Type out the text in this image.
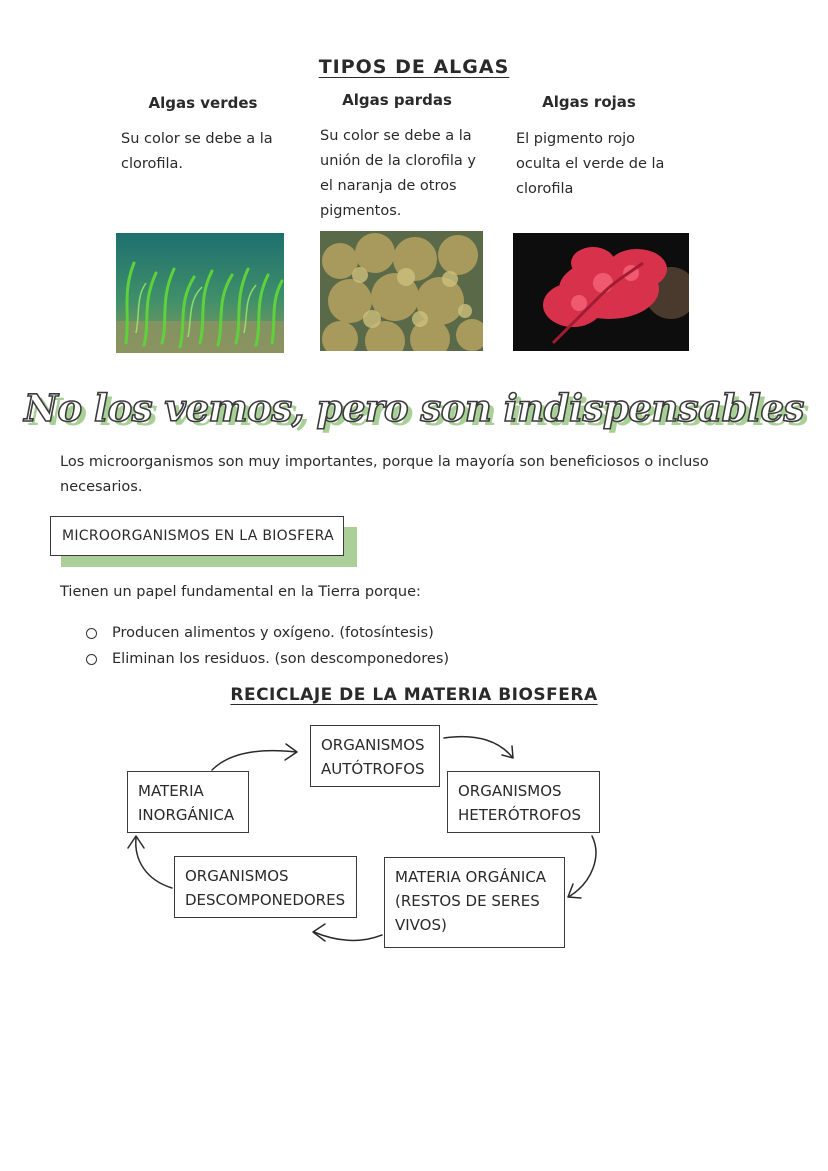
TIPOS DE ALGAS
Algas verdes
Su color se debe a la clorofila.
Algas pardas
Su color se debe a la unión de la clorofila y el naranja de otros pigmentos.
Algas rojas
El pigmento rojo oculta el verde de la clorofila
No los vemos, pero son indispensables
Los microorganismos son muy importantes, porque la mayoría son beneficiosos o incluso necesarios.
MICROORGANISMOS EN LA BIOSFERA
Tienen un papel fundamental en la Tierra porque:
Producen alimentos y oxígeno. (fotosíntesis)
Eliminan los residuos. (son descomponedores)
RECICLAJE DE LA MATERIA BIOSFERA
ORGANISMOS AUTÓTROFOS
ORGANISMOS HETERÓTROFOS
MATERIA ORGÁNICA (RESTOS DE SERES VIVOS)
ORGANISMOS DESCOMPONEDORES
MATERIA INORGÁNICA
